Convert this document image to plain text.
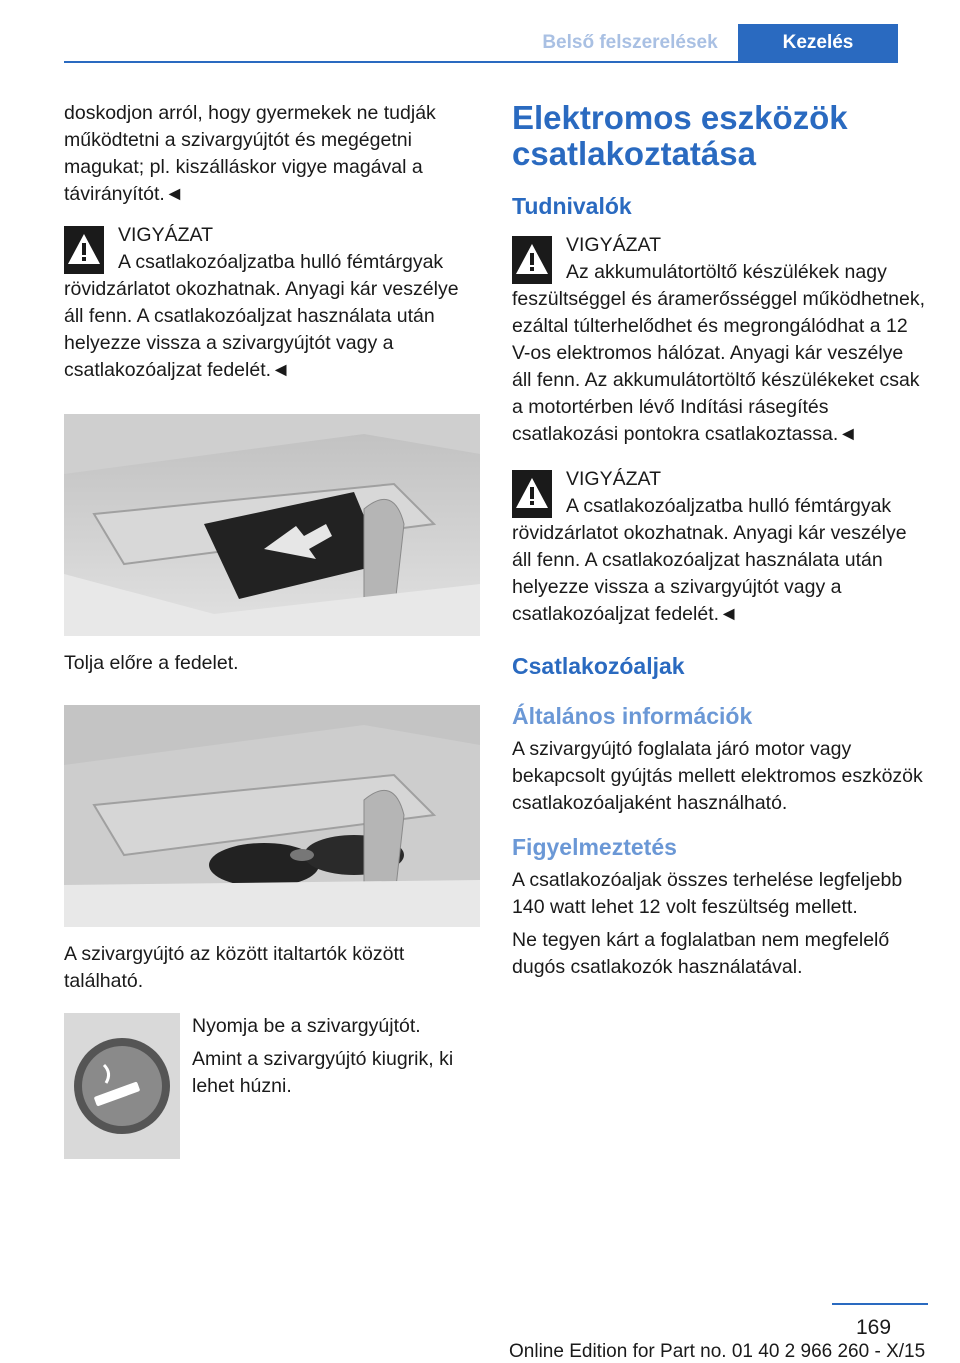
Belső felszerelések	Kezelés

doskodjon arról, hogy gyermekek ne tudják működtetni a szivargyújtót és megégetni magukat; pl. kiszálláskor vigye magával a távirányítót.◄

VIGYÁZAT
A csatlakozóaljzatba hulló fémtárgyak rövidzárlatot okozhatnak. Anyagi kár veszélye áll fenn. A csatlakozóaljzat használata után helyezze vissza a szivargyújtót vagy a csatlakozóaljzat fedelét.◄

Tolja előre a fedelet.

A szivargyújtó az között italtartók között található.

Nyomja be a szivargyújtót.

Amint a szivargyújtó kiugrik, ki lehet húzni.

Elektromos eszközök csatlakoztatása
Tudnivalók
VIGYÁZAT
Az akkumulátortöltő készülékek nagy feszültséggel és áramerősséggel működhetnek, ezáltal túlterhelődhet és megrongálódhat a 12 V-os elektromos hálózat. Anyagi kár veszélye áll fenn. Az akkumulátortöltő készülékeket csak a motortérben lévő Indítási rásegítés csatlakozási pontokra csatlakoztassa.◄
VIGYÁZAT
A csatlakozóaljzatba hulló fémtárgyak rövidzárlatot okozhatnak. Anyagi kár veszélye áll fenn. A csatlakozóaljzat használata után helyezze vissza a szivargyújtót vagy a csatlakozóaljzat fedelét.◄
Csatlakozóaljak
Általános információk

A szivargyújtó foglalata járó motor vagy bekapcsolt gyújtás mellett elektromos eszközök csatlakozóaljaként használható.

Figyelmeztetés

A csatlakozóaljak összes terhelése legfeljebb 140 watt lehet 12 volt feszültség mellett.

Ne tegyen kárt a foglalatban nem megfelelő dugós csatlakozók használatával.

169
Online Edition for Part no. 01 40 2 966 260 - X/15
